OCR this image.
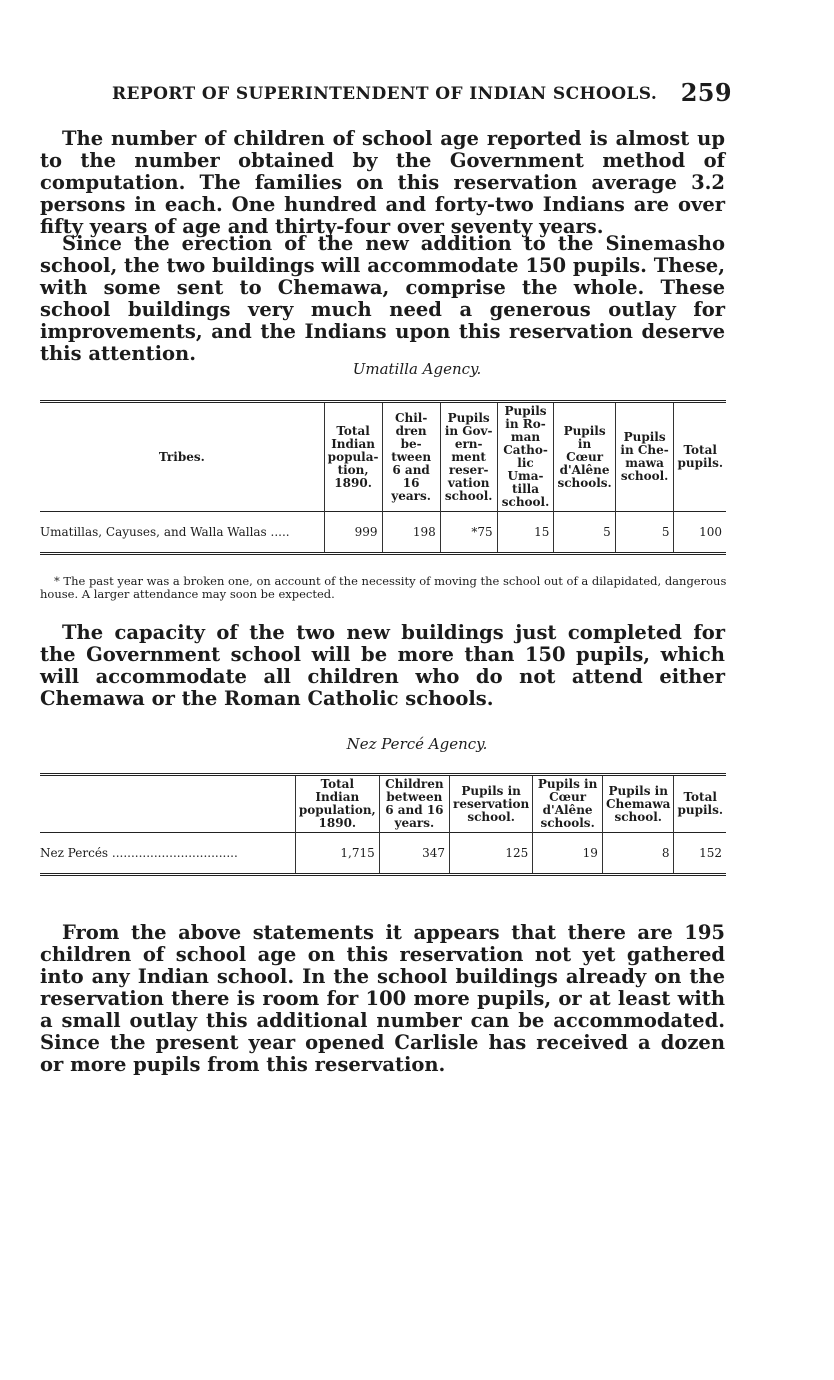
REPORT OF SUPERINTENDENT OF INDIAN SCHOOLS. 259

The number of children of school age reported is almost up to the number obtained by the Government method of computation. The families on this reservation average 3.2 persons in each. One hundred and forty-two Indians are over fifty years of age and thirty-four over seventy years.

Since the erection of the new addition to the Sinemasho school, the two buildings will accommodate 150 pupils. These, with some sent to Chemawa, comprise the whole. These school buildings very much need a generous outlay for improvements, and the Indians upon this reservation deserve this attention.

Umatilla Agency.
Tribes.	Total Indian popula-tion, 1890.	Chil-dren be-tween 6 and 16 years.	Pupils in Gov-ern-ment reser-vation school.	Pupils in Ro-man Catho-lic Uma-tilla school.	Pupils in Cœur d'Alêne schools.	Pupils in Che-mawa school.	Total pupils.
Umatillas, Cayuses, and Walla Wallas .....	999	198	*75	15	5	5	100

* The past year was a broken one, on account of the necessity of moving the school out of a dilapidated, dangerous house. A larger attendance may soon be expected.

The capacity of the two new buildings just completed for the Government school will be more than 150 pupils, which will accommodate all children who do not attend either Chemawa or the Roman Catholic schools.

Nez Percé Agency.
	Total Indian population, 1890.	Children between 6 and 16 years.	Pupils in reservation school.	Pupils in Cœur d'Alêne schools.	Pupils in Chemawa school.	Total pupils.
Nez Percés .................................	1,715	347	125	19	8	152

From the above statements it appears that there are 195 children of school age on this reservation not yet gathered into any Indian school. In the school buildings already on the reservation there is room for 100 more pupils, or at least with a small outlay this additional number can be accommodated. Since the present year opened Carlisle has received a dozen or more pupils from this reservation.
